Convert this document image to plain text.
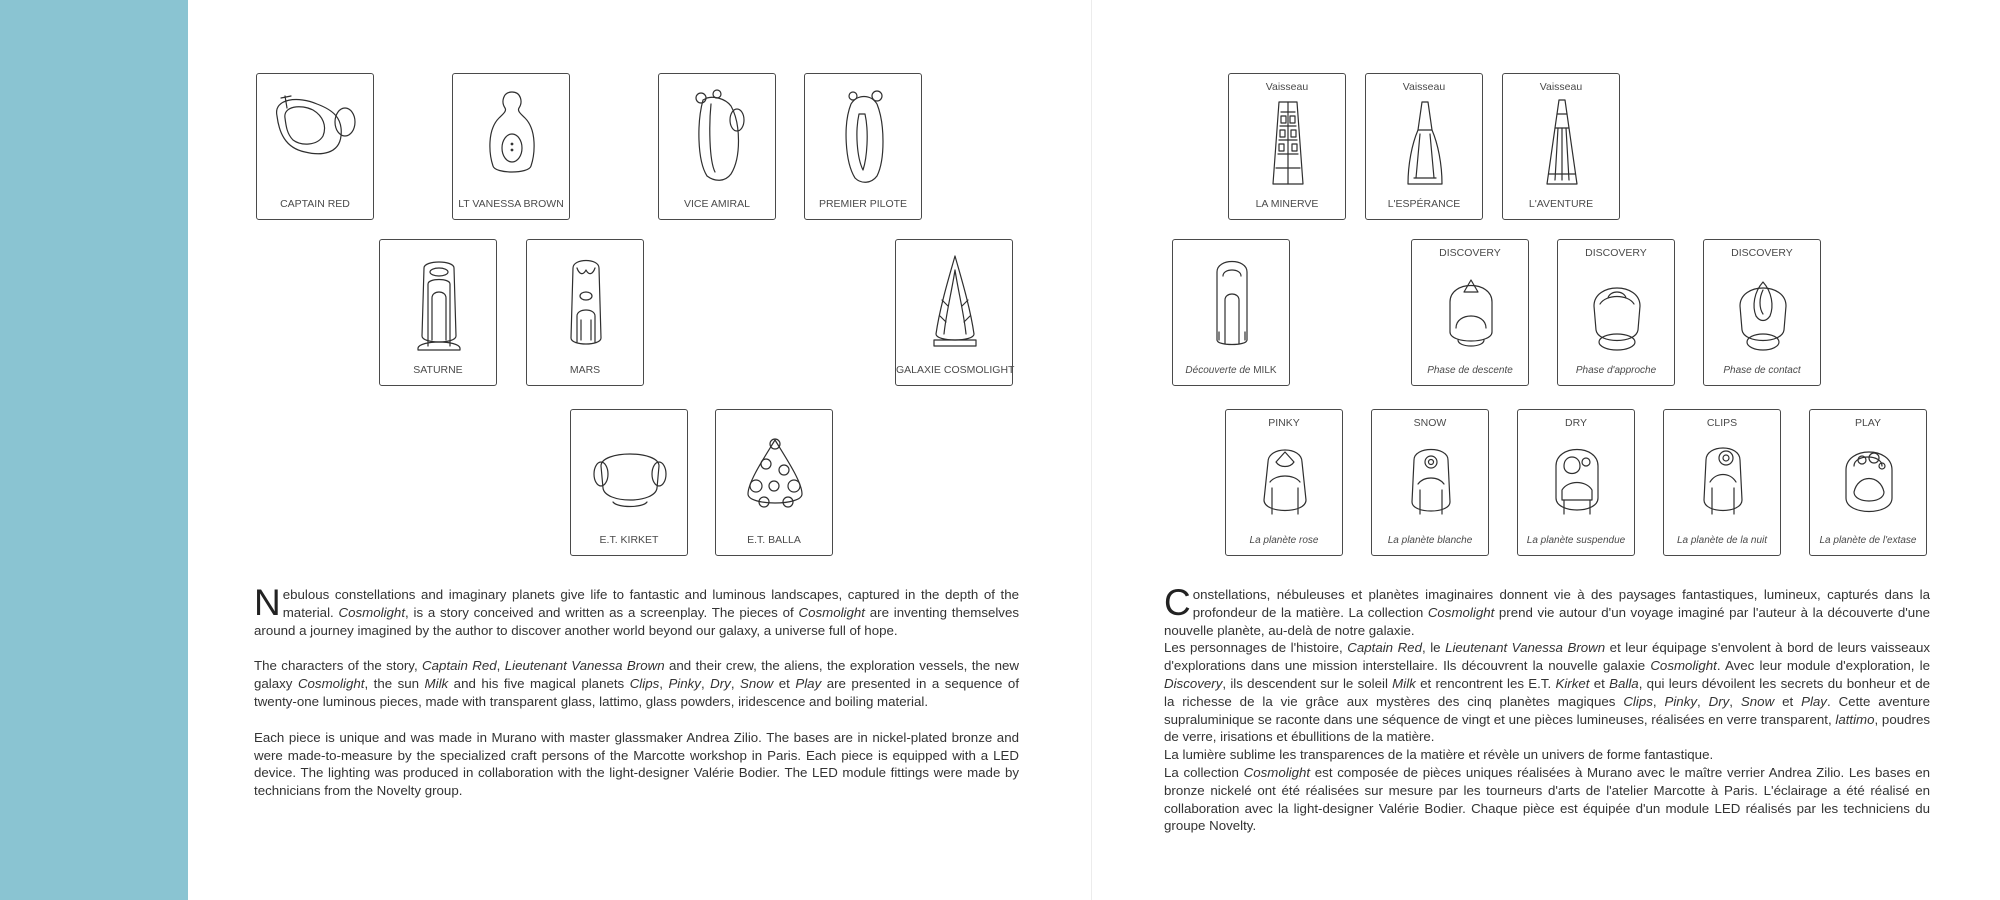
CAPTAIN RED	LT VANESSA BROWN	VICE AMIRAL	PREMIER PILOTE
SATURNE	MARS	GALAXIE COSMOLIGHT
E.T. KIRKET	E.T. BALLA
Vaisseau
LA MINERVE
Vaisseau
L'ESPÉRANCE
Vaisseau
L'AVENTURE
Découverte de MILK
DISCOVERY
Phase de descente
DISCOVERY
Phase d'approche
DISCOVERY
Phase de contact
PINKY
La planète rose
SNOW
La planète blanche
DRY
La planète suspendue
CLIPS
La planète de la nuit
PLAY
La planète de l'extase

Nebulous constellations and imaginary planets give life to fantastic and luminous landscapes, captured in the depth of the material. Cosmolight, is a story conceived and written as a screenplay. The pieces of Cosmolight are inventing themselves around a journey imagined by the author to discover another world beyond our galaxy, a universe full of hope.

The characters of the story, Captain Red, Lieutenant Vanessa Brown and their crew, the aliens, the exploration vessels, the new galaxy Cosmolight, the sun Milk and his five magical planets Clips, Pinky, Dry, Snow et Play are presented in a sequence of twenty-one luminous pieces, made with transparent glass, lattimo, glass powders, iridescence and boiling material.

Each piece is unique and was made in Murano with master glassmaker Andrea Zilio. The bases are in nickel-plated bronze and were made-to-measure by the specialized craft persons of the Marcotte workshop in Paris. Each piece is equipped with a LED device. The lighting was produced in collaboration with the light-designer Valérie Bodier. The LED module fittings were made by technicians from the Novelty group.

Constellations, nébuleuses et planètes imaginaires donnent vie à des paysages fantastiques, lumineux, capturés dans la profondeur de la matière. La collection Cosmolight prend vie autour d'un voyage imaginé par l'auteur à la découverte d'une nouvelle planète, au-delà de notre galaxie.

Les personnages de l'histoire, Captain Red, le Lieutenant Vanessa Brown et leur équipage s'envolent à bord de leurs vaisseaux d'explorations dans une mission interstellaire. Ils découvrent la nouvelle galaxie Cosmolight. Avec leur module d'exploration, le Discovery, ils descendent sur le soleil Milk et rencontrent les E.T. Kirket et Balla, qui leurs dévoilent les secrets du bonheur et de la richesse de la vie grâce aux mystères des cinq planètes magiques Clips, Pinky, Dry, Snow et Play. Cette aventure supraluminique se raconte dans une séquence de vingt et une pièces lumineuses, réalisées en verre transparent, lattimo, poudres de verre, irisations et ébullitions de la matière.

La lumière sublime les transparences de la matière et révèle un univers de forme fantastique.

La collection Cosmolight est composée de pièces uniques réalisées à Murano avec le maître verrier Andrea Zilio. Les bases en bronze nickelé ont été réalisées sur mesure par les tourneurs d'arts de l'atelier Marcotte à Paris. L'éclairage a été réalisé en collaboration avec la light-designer Valérie Bodier. Chaque pièce est équipée d'un module LED réalisés par les techniciens du groupe Novelty.
